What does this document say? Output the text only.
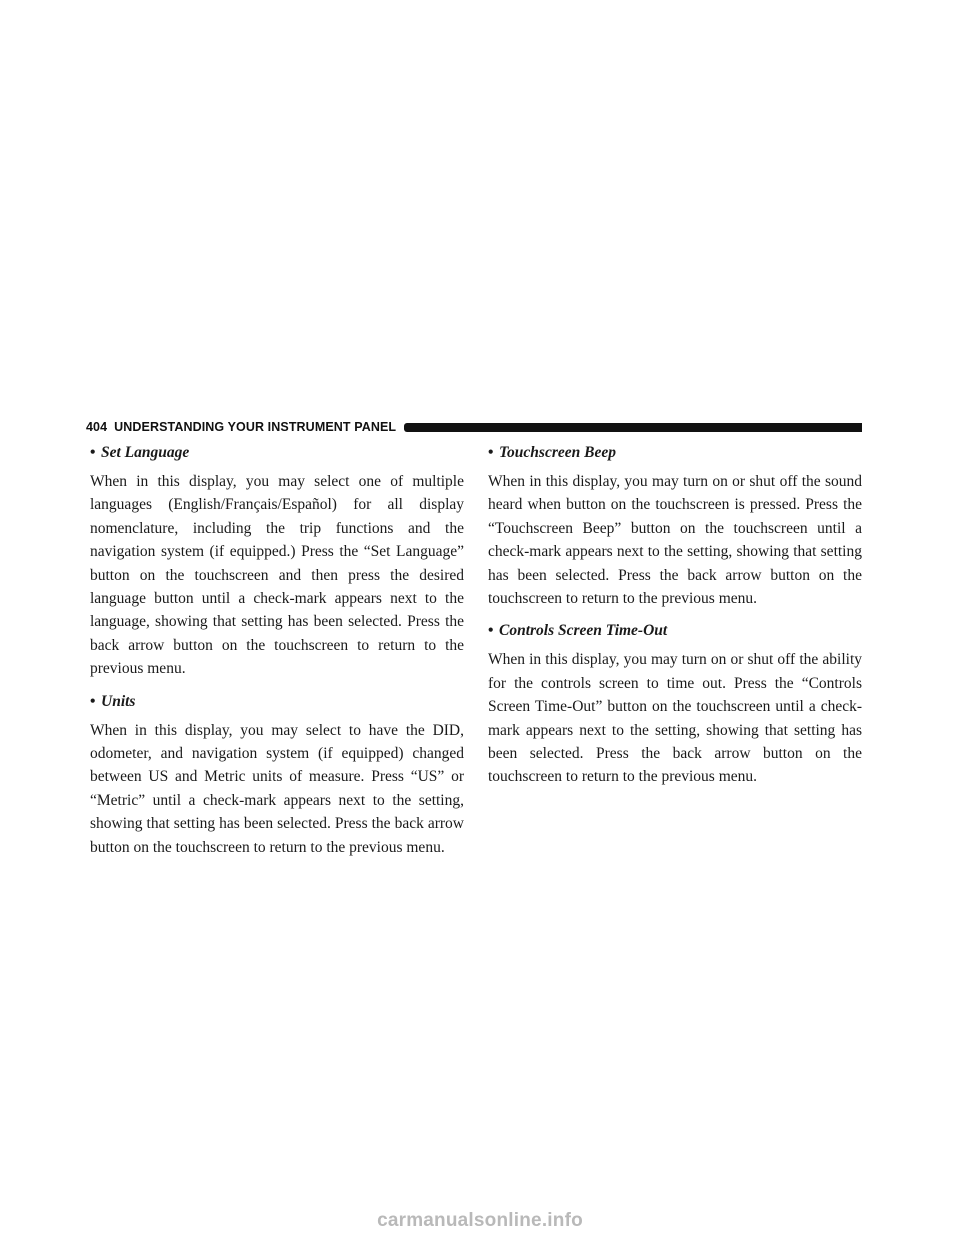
404 UNDERSTANDING YOUR INSTRUMENT PANEL
• Set Language

When in this display, you may select one of multiple languages (English/Français/Español) for all display nomenclature, including the trip functions and the navigation system (if equipped.) Press the “Set Language” button on the touchscreen and then press the desired language button until a check-mark appears next to the language, showing that setting has been selected. Press the back arrow button on the touchscreen to return to the previous menu.

• Units

When in this display, you may select to have the DID, odometer, and navigation system (if equipped) changed between US and Metric units of measure. Press “US” or “Metric” until a check-mark appears next to the setting, showing that setting has been selected. Press the back arrow button on the touchscreen to return to the previous menu.

• Touchscreen Beep

When in this display, you may turn on or shut off the sound heard when button on the touchscreen is pressed. Press the “Touchscreen Beep” button on the touchscreen until a check-mark appears next to the setting, showing that setting has been selected. Press the back arrow button on the touchscreen to return to the previous menu.

• Controls Screen Time-Out

When in this display, you may turn on or shut off the ability for the controls screen to time out. Press the “Controls Screen Time-Out” button on the touchscreen until a check-mark appears next to the setting, showing that setting has been selected. Press the back arrow button on the touchscreen to return to the previous menu.

carmanualsonline.info
